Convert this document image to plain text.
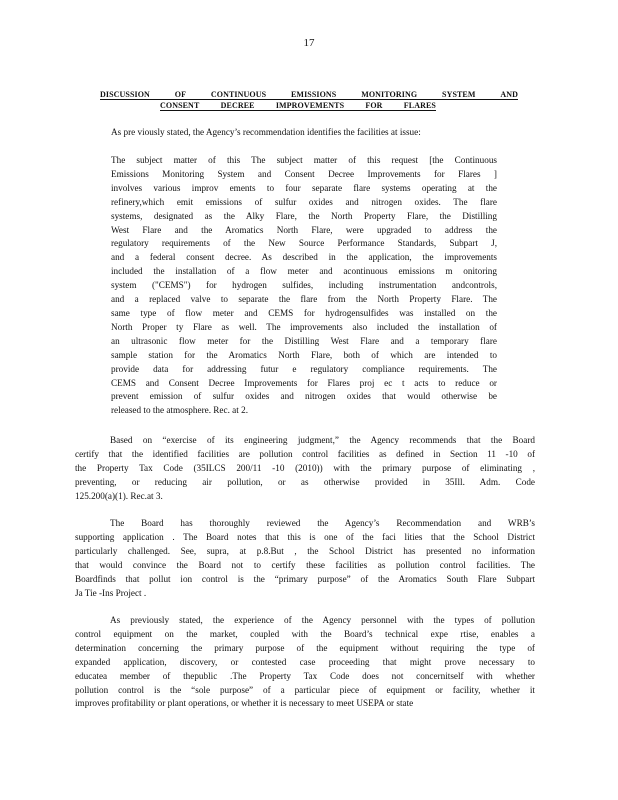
17
DISCUSSION	OF	CONTINUOUS	EMISSIONS	MONITORING	SYSTEM	AND
CONSENT	DECREE	IMPROVEMENTS	FOR	FLARES
As pre viously stated, the Agency’s recommendation identifies the facilities at issue:
The subject matter of this The subject matter of this request [the Continuous
Emissions Monitoring System and Consent Decree Improvements for Flares ]
involves various improv ements to four separate flare systems operating at the
refinery,which emit emissions of sulfur oxides and nitrogen oxides. The flare
systems, designated as the Alky Flare, the North Property Flare, the Distilling
West Flare and the Aromatics North Flare, were upgraded to address the
regulatory requirements of the New Source Performance Standards, Subpart J,
and a federal consent decree. As described in the application, the improvements
included the installation of a flow meter and acontinuous emissions m onitoring
system ("CEMS") for hydrogen sulfides, including instrumentation andcontrols,
and a replaced valve to separate the flare from the North Property Flare. The
same type of flow meter and CEMS for hydrogensulfides was installed on the
North Proper ty Flare as well. The improvements also included the installation of
an ultrasonic flow meter for the Distilling West Flare and a temporary flare
sample station for the Aromatics North Flare, both of which are intended to
provide data for addressing futur e regulatory compliance requirements. The
CEMS and Consent Decree Improvements for Flares proj ec t acts to reduce or
prevent emission of sulfur oxides and nitrogen oxides that would otherwise be
released to the atmosphere. Rec. at 2.
Based on “exercise of its engineering judgment,” the Agency recommends that the Board
certify that the identified facilities are pollution control facilities as defined in Section 11 -10 of
the Property Tax Code (35ILCS 200/11 -10 (2010)) with the primary purpose of eliminating ,
preventing, or reducing air pollution, or as otherwise provided in 35Ill. Adm. Code
125.200(a)(1). Rec.at 3.
The Board has thoroughly reviewed the Agency’s Recommendation and WRB’s
supporting application . The Board notes that this is one of the faci lities that the School District
particularly challenged. See, supra, at p.8.But , the School District has presented no information
that would convince the Board not to certify these facilities as pollution control facilities. The
Boardfinds that pollut ion control is the “primary purpose” of the Aromatics South Flare Subpart
Ja Tie -Ins Project .
As previously stated, the experience of the Agency personnel with the types of pollution
control equipment on the market, coupled with the Board’s technical expe rtise, enables a
determination concerning the primary purpose of the equipment without requiring the type of
expanded application, discovery, or contested case proceeding that might prove necessary to
educatea member of thepublic .The Property Tax Code does not concernitself with whether
pollution control is the “sole purpose” of a particular piece of equipment or facility, whether it
improves profitability or plant operations, or whether it is necessary to meet USEPA or state
